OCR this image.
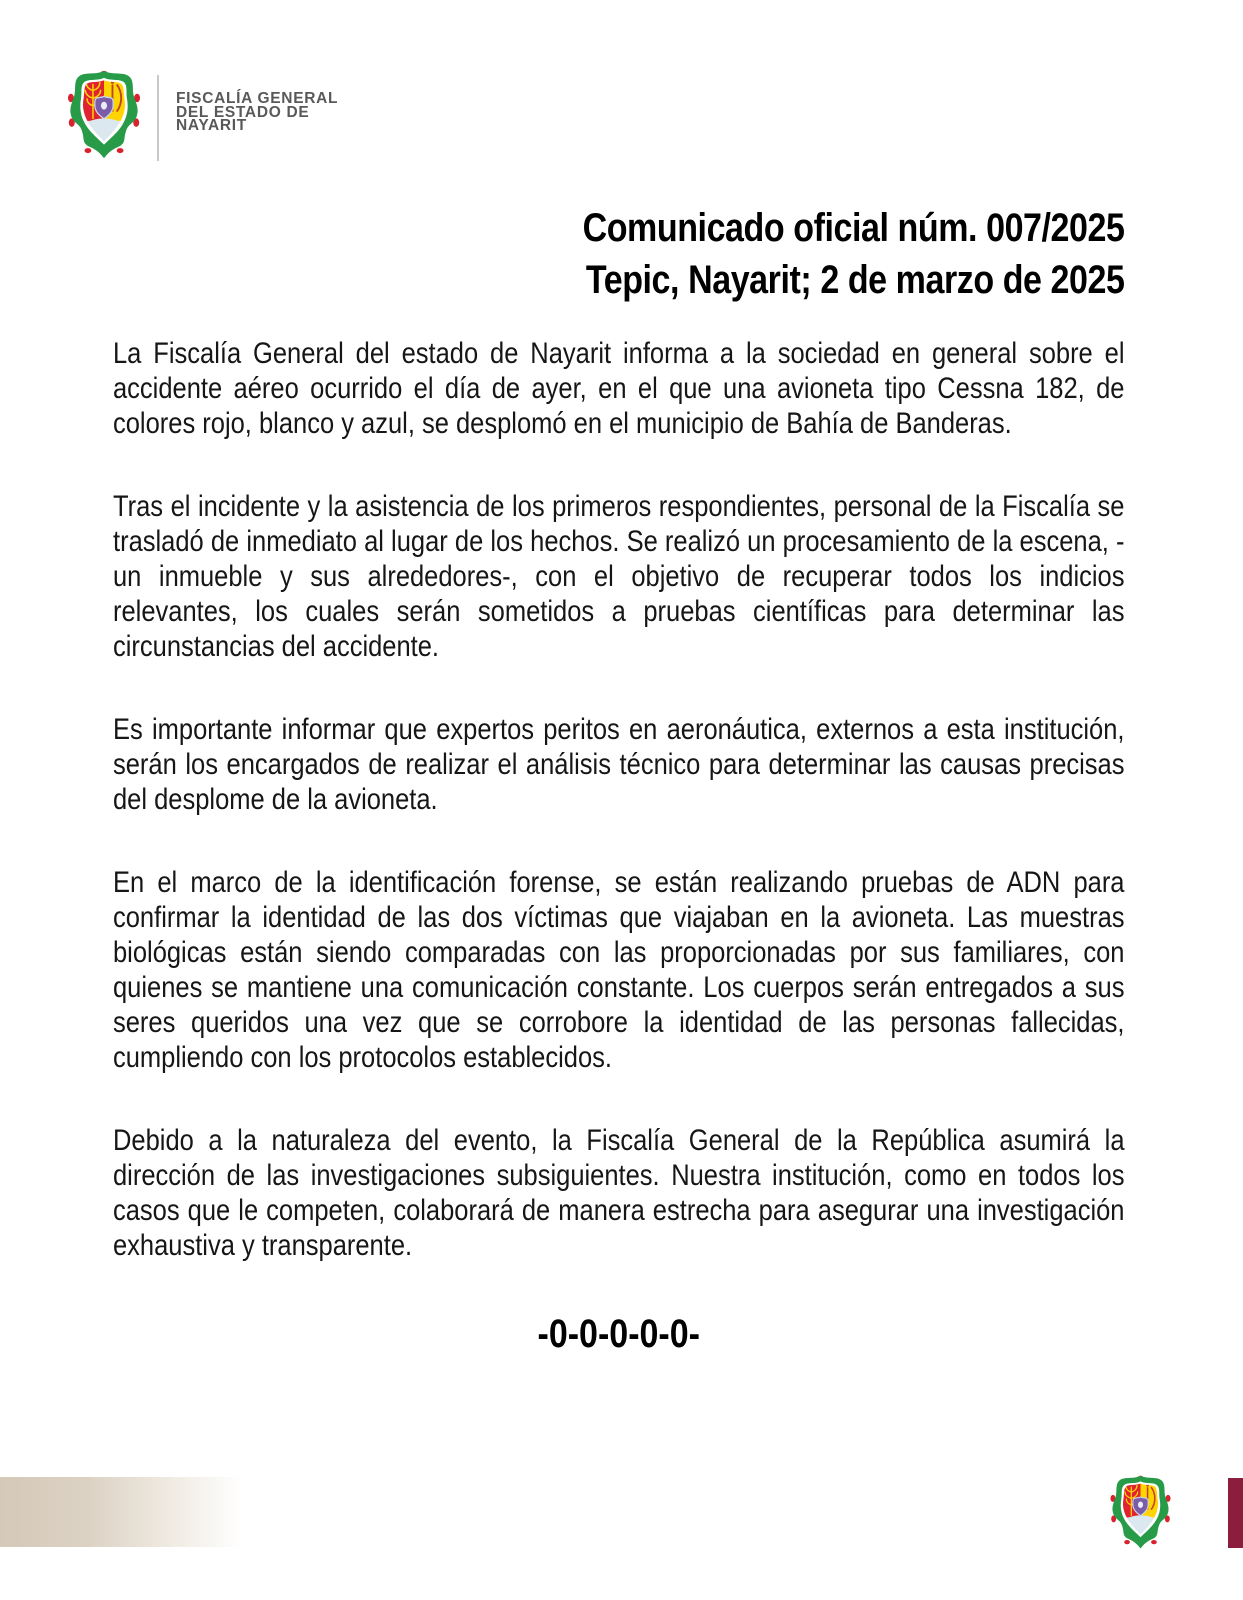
FISCALÍA GENERAL
DEL ESTADO DE
NAYARIT
Comunicado oficial núm. 007/2025
Tepic, Nayarit; 2 de marzo de 2025

La Fiscalía General del estado de Nayarit informa a la sociedad en general sobre el accidente aéreo ocurrido el día de ayer, en el que una avioneta tipo Cessna 182, de colores rojo, blanco y azul, se desplomó en el municipio de Bahía de Banderas.

Tras el incidente y la asistencia de los primeros respondientes, personal de la Fiscalía se trasladó de inmediato al lugar de los hechos. Se realizó un procesamiento de la escena, -un inmueble y sus alrededores-, con el objetivo de recuperar todos los indicios relevantes, los cuales serán sometidos a pruebas científicas para determinar las circunstancias del accidente.

Es importante informar que expertos peritos en aeronáutica, externos a esta institución, serán los encargados de realizar el análisis técnico para determinar las causas precisas del desplome de la avioneta.

En el marco de la identificación forense, se están realizando pruebas de ADN para confirmar la identidad de las dos víctimas que viajaban en la avioneta. Las muestras biológicas están siendo comparadas con las proporcionadas por sus familiares, con quienes se mantiene una comunicación constante. Los cuerpos serán entregados a sus seres queridos una vez que se corrobore la identidad de las personas fallecidas, cumpliendo con los protocolos establecidos.

Debido a la naturaleza del evento, la Fiscalía General de la República asumirá la dirección de las investigaciones subsiguientes. Nuestra institución, como en todos los casos que le competen, colaborará de manera estrecha para asegurar una investigación exhaustiva y transparente.

-0-0-0-0-0-
